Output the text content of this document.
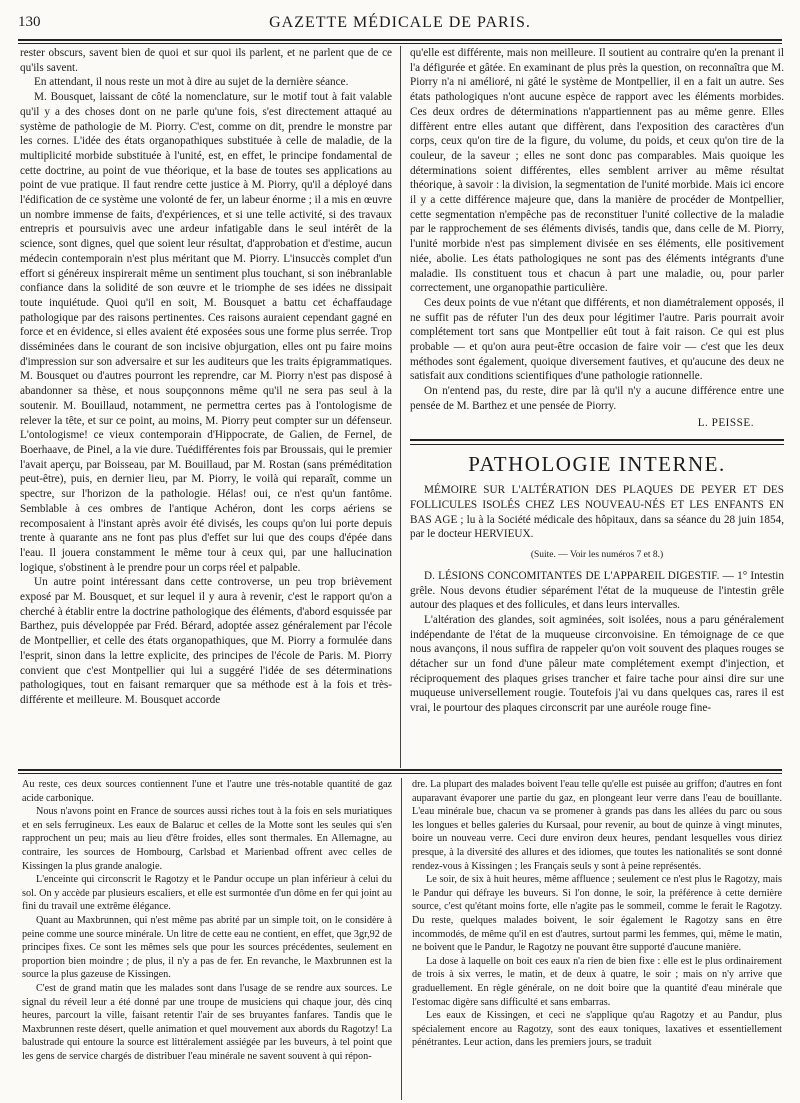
130	GAZETTE MÉDICALE DE PARIS.

rester obscurs, savent bien de quoi et sur quoi ils parlent, et ne parlent que de ce qu'ils savent.

En attendant, il nous reste un mot à dire au sujet de la dernière séance.

M. Bousquet, laissant de côté la nomenclature, sur le motif tout à fait valable qu'il y a des choses dont on ne parle qu'une fois, s'est directement attaqué au système de pathologie de M. Piorry. C'est, comme on dit, prendre le monstre par les cornes. L'idée des états organopathiques substituée à celle de maladie, de la multiplicité morbide substituée à l'unité, est, en effet, le principe fondamental de cette doctrine, au point de vue théorique, et la base de toutes ses applications au point de vue pratique. Il faut rendre cette justice à M. Piorry, qu'il a déployé dans l'édification de ce système une volonté de fer, un labeur énorme ; il a mis en œuvre un nombre immense de faits, d'expériences, et si une telle activité, si des travaux entrepris et poursuivis avec une ardeur infatigable dans le seul intérêt de la science, sont dignes, quel que soient leur résultat, d'approbation et d'estime, aucun médecin contemporain n'est plus méritant que M. Piorry. L'insuccès complet d'un effort si généreux inspirerait même un sentiment plus touchant, si son inébranlable confiance dans la solidité de son œuvre et le triomphe de ses idées ne dissipait toute inquiétude. Quoi qu'il en soit, M. Bousquet a battu cet échaffaudage pathologique par des raisons pertinentes. Ces raisons auraient cependant gagné en force et en évidence, si elles avaient été exposées sous une forme plus serrée. Trop disséminées dans le courant de son incisive objurgation, elles ont pu faire moins d'impression sur son adversaire et sur les auditeurs que les traits épigrammatiques. M. Bousquet ou d'autres pourront les reprendre, car M. Piorry n'est pas disposé à abandonner sa thèse, et nous soupçonnons même qu'il ne sera pas seul à la soutenir. M. Bouillaud, notamment, ne permettra certes pas à l'ontologisme de relever la tête, et sur ce point, au moins, M. Piorry peut compter sur un défenseur. L'ontologisme! ce vieux contemporain d'Hippocrate, de Galien, de Fernel, de Boerhaave, de Pinel, a la vie dure. Tuédifférentes fois par Broussais, qui le premier l'avait aperçu, par Boisseau, par M. Bouillaud, par M. Rostan (sans préméditation peut-être), puis, en dernier lieu, par M. Piorry, le voilà qui reparaît, comme un spectre, sur l'horizon de la pathologie. Hélas! oui, ce n'est qu'un fantôme. Semblable à ces ombres de l'antique Achéron, dont les corps aériens se recomposaient à l'instant après avoir été divisés, les coups qu'on lui porte depuis trente à quarante ans ne font pas plus d'effet sur lui que des coups d'épée dans l'eau. Il jouera constamment le même tour à ceux qui, par une hallucination logique, s'obstinent à le prendre pour un corps réel et palpable.

Un autre point intéressant dans cette controverse, un peu trop brièvement exposé par M. Bousquet, et sur lequel il y aura à revenir, c'est le rapport qu'on a cherché à établir entre la doctrine pathologique des éléments, d'abord esquissée par Barthez, puis développée par Fréd. Bérard, adoptée assez généralement par l'école de Montpellier, et celle des états organopathiques, que M. Piorry a formulée dans l'esprit, sinon dans la lettre explicite, des principes de l'école de Paris. M. Piorry convient que c'est Montpellier qui lui a suggéré l'idée de ses déterminations pathologiques, tout en faisant remarquer que sa méthode est à la fois et très-différente et meilleure. M. Bousquet accorde

qu'elle est différente, mais non meilleure. Il soutient au contraire qu'en la prenant il l'a défigurée et gâtée. En examinant de plus près la question, on reconnaîtra que M. Piorry n'a ni amélioré, ni gâté le système de Montpellier, il en a fait un autre. Ses états pathologiques n'ont aucune espèce de rapport avec les éléments morbides. Ces deux ordres de déterminations n'appartiennent pas au même genre. Elles diffèrent entre elles autant que diffèrent, dans l'exposition des caractères d'un corps, ceux qu'on tire de la figure, du volume, du poids, et ceux qu'on tire de la couleur, de la saveur ; elles ne sont donc pas comparables. Mais quoique les déterminations soient différentes, elles semblent arriver au même résultat théorique, à savoir : la division, la segmentation de l'unité morbide. Mais ici encore il y a cette différence majeure que, dans la manière de procéder de Montpellier, cette segmentation n'empêche pas de reconstituer l'unité collective de la maladie par le rapprochement de ses éléments divisés, tandis que, dans celle de M. Piorry, l'unité morbide n'est pas simplement divisée en ses éléments, elle positivement niée, abolie. Les états pathologiques ne sont pas des éléments intégrants d'une maladie. Ils constituent tous et chacun à part une maladie, ou, pour parler correctement, une organopathie particulière.

Ces deux points de vue n'étant que différents, et non diamétralement opposés, il ne suffit pas de réfuter l'un des deux pour légitimer l'autre. Paris pourrait avoir complétement tort sans que Montpellier eût tout à fait raison. Ce qui est plus probable — et qu'on aura peut-être occasion de faire voir — c'est que les deux méthodes sont également, quoique diversement fautives, et qu'aucune des deux ne satisfait aux conditions scientifiques d'une pathologie rationnelle.

On n'entend pas, du reste, dire par là qu'il n'y a aucune différence entre une pensée de M. Barthez et une pensée de Piorry.

L. PEISSE.
PATHOLOGIE INTERNE.

MÉMOIRE SUR L'ALTÉRATION DES PLAQUES DE PEYER ET DES FOLLICULES ISOLÉS CHEZ LES NOUVEAU-NÉS ET LES ENFANTS EN BAS AGE ; lu à la Société médicale des hôpitaux, dans sa séance du 28 juin 1854, par le docteur HERVIEUX.

(Suite. — Voir les numéros 7 et 8.)

D. LÉSIONS CONCOMITANTES DE L'APPAREIL DIGESTIF. — 1° Intestin grêle. Nous devons étudier séparément l'état de la muqueuse de l'intestin grêle autour des plaques et des follicules, et dans leurs intervalles.

L'altération des glandes, soit agminées, soit isolées, nous a paru généralement indépendante de l'état de la muqueuse circonvoisine. En témoignage de ce que nous avançons, il nous suffira de rappeler qu'on voit souvent des plaques rouges se détacher sur un fond d'une pâleur mate complétement exempt d'injection, et réciproquement des plaques grises trancher et faire tache pour ainsi dire sur une muqueuse universellement rougie. Toutefois j'ai vu dans quelques cas, rares il est vrai, le pourtour des plaques circonscrit par une auréole rouge fine-

Au reste, ces deux sources contiennent l'une et l'autre une très-notable quantité de gaz acide carbonique.

Nous n'avons point en France de sources aussi riches tout à la fois en sels muriatiques et en sels ferrugineux. Les eaux de Balaruc et celles de la Motte sont les seules qui s'en rapprochent un peu; mais au lieu d'être froides, elles sont thermales. En Allemagne, au contraire, les sources de Hombourg, Carlsbad et Marienbad offrent avec celles de Kissingen la plus grande analogie.

L'enceinte qui circonscrit le Ragotzy et le Pandur occupe un plan inférieur à celui du sol. On y accède par plusieurs escaliers, et elle est surmontée d'un dôme en fer qui joint au fini du travail une extrême élégance.

Quant au Maxbrunnen, qui n'est même pas abrité par un simple toit, on le considère à peine comme une source minérale. Un litre de cette eau ne contient, en effet, que 3gr,92 de principes fixes. Ce sont les mêmes sels que pour les sources précédentes, seulement en proportion bien moindre ; de plus, il n'y a pas de fer. En revanche, le Maxbrunnen est la source la plus gazeuse de Kissingen.

C'est de grand matin que les malades sont dans l'usage de se rendre aux sources. Le signal du réveil leur a été donné par une troupe de musiciens qui chaque jour, dès cinq heures, parcourt la ville, faisant retentir l'air de ses bruyantes fanfares. Tandis que le Maxbrunnen reste désert, quelle animation et quel mouvement aux abords du Ragotzy! La balustrade qui entoure la source est littéralement assiégée par les buveurs, à tel point que les gens de service chargés de distribuer l'eau minérale ne savent souvent à qui répon-

dre. La plupart des malades boivent l'eau telle qu'elle est puisée au griffon; d'autres en font auparavant évaporer une partie du gaz, en plongeant leur verre dans l'eau de bouillante. L'eau minérale bue, chacun va se promener à grands pas dans les allées du parc ou sous les longues et belles galeries du Kursaal, pour revenir, au bout de quinze à vingt minutes, boire un nouveau verre. Ceci dure environ deux heures, pendant lesquelles vous diriez presque, à la diversité des allures et des idiomes, que toutes les nationalités se sont donné rendez-vous à Kissingen ; les Français seuls y sont à peine représentés.

Le soir, de six à huit heures, même affluence ; seulement ce n'est plus le Ragotzy, mais le Pandur qui défraye les buveurs. Si l'on donne, le soir, la préférence à cette dernière source, c'est qu'étant moins forte, elle n'agite pas le sommeil, comme le ferait le Ragotzy. Du reste, quelques malades boivent, le soir également le Ragotzy sans en être incommodés, de même qu'il en est d'autres, surtout parmi les femmes, qui, même le matin, ne boivent que le Pandur, le Ragotzy ne pouvant être supporté d'aucune manière.

La dose à laquelle on boit ces eaux n'a rien de bien fixe : elle est le plus ordinairement de trois à six verres, le matin, et de deux à quatre, le soir ; mais on n'y arrive que graduellement. En règle générale, on ne doit boire que la quantité d'eau minérale que l'estomac digère sans difficulté et sans embarras.

Les eaux de Kissingen, et ceci ne s'applique qu'au Ragotzy et au Pandur, plus spécialement encore au Ragotzy, sont des eaux toniques, laxatives et essentiellement pénétrantes. Leur action, dans les premiers jours, se traduit
